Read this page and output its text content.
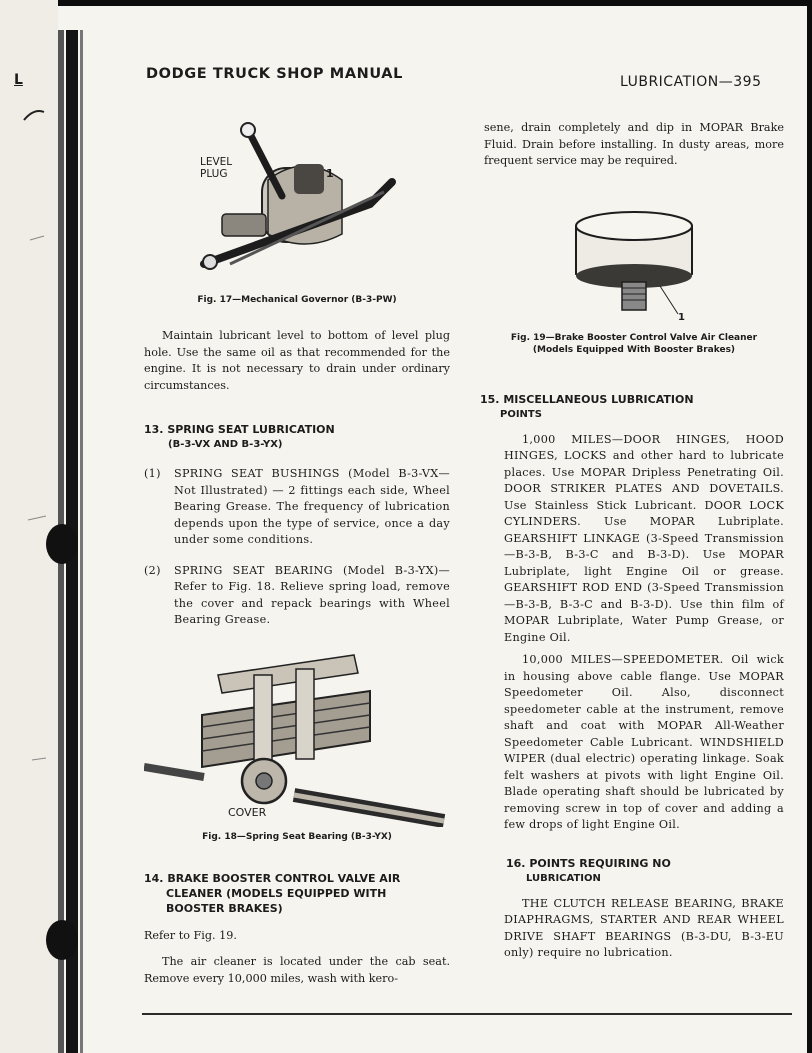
L	DODGE TRUCK SHOP MANUAL	LUBRICATION—395
LEVEL
PLUG	1
Fig. 17—Mechanical Governor (B-3-PW)

Maintain lubricant level to bottom of level plug hole. Use the same oil as that recommended for the engine. It is not necessary to drain under ordinary circumstances.

13. SPRING SEAT LUBRICATION
(B-3-VX AND B-3-YX)
(1)	SPRING SEAT BUSHINGS (Model B-3-VX—Not Illustrated) — 2 fittings each side, Wheel Bearing Grease. The frequency of lubrication depends upon the type of service, once a day under some conditions.

(2)	SPRING SEAT BEARING (Model B-3-YX)—Refer to Fig. 18. Relieve spring load, remove the cover and repack bearings with Wheel Bearing Grease.

COVER
Fig. 18—Spring Seat Bearing (B-3-YX)
14. BRAKE BOOSTER CONTROL VALVE AIR
CLEANER (MODELS EQUIPPED WITH
BOOSTER BRAKES)

Refer to Fig. 19.

The air cleaner is located under the cab seat. Remove every 10,000 miles, wash with kero-

sene, drain completely and dip in MOPAR Brake Fluid. Drain before installing. In dusty areas, more frequent service may be required.

1
Fig. 19—Brake Booster Control Valve Air Cleaner
(Models Equipped With Booster Brakes)
15. MISCELLANEOUS LUBRICATION
POINTS

1,000 MILES—DOOR HINGES, HOOD HINGES, LOCKS and other hard to lubricate places. Use MOPAR Dripless Penetrating Oil. DOOR STRIKER PLATES AND DOVETAILS. Use Stainless Stick Lubricant. DOOR LOCK CYLINDERS. Use MOPAR Lubriplate. GEARSHIFT LINKAGE (3-Speed Transmission—B-3-B, B-3-C and B-3-D). Use MOPAR Lubriplate, light Engine Oil or grease. GEARSHIFT ROD END (3-Speed Transmission—B-3-B, B-3-C and B-3-D). Use thin film of MOPAR Lubriplate, Water Pump Grease, or Engine Oil.

10,000 MILES—SPEEDOMETER. Oil wick in housing above cable flange. Use MOPAR Speedometer Oil. Also, disconnect speedometer cable at the instrument, remove shaft and coat with MOPAR All-Weather Speedometer Cable Lubricant. WINDSHIELD WIPER (dual electric) operating linkage. Soak felt washers at pivots with light Engine Oil. Blade operating shaft should be lubricated by removing screw in top of cover and adding a few drops of light Engine Oil.

16. POINTS REQUIRING NO
LUBRICATION

THE CLUTCH RELEASE BEARING, BRAKE DIAPHRAGMS, STARTER AND REAR WHEEL DRIVE SHAFT BEARINGS (B-3-DU, B-3-EU only) require no lubrication.
